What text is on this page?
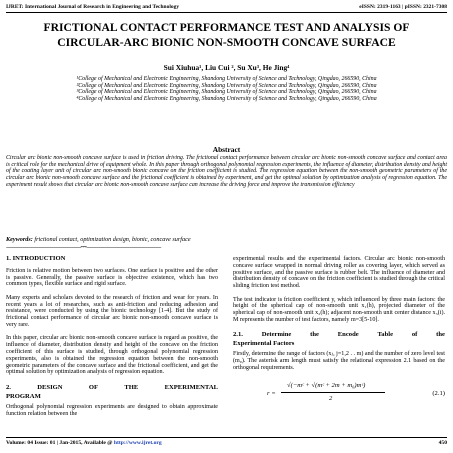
IJRET: International Journal of Research in Engineering and Technology	eISSN: 2319-1163 | pISSN: 2321-7308
FRICTIONAL CONTACT PERFORMANCE TEST AND ANALYSIS OF CIRCULAR-ARC BIONIC NON-SMOOTH CONCAVE SURFACE
Sui Xiuhua¹, Liu Cui ², Su Xu³, He Jing⁴

¹College of Mechanical and Electronic Engineering, Shandong University of Science and Technology, Qingdao, 266590, China

²College of Mechanical and Electronic Engineering, Shandong University of Science and Technology, Qingdao, 266590, China

³College of Mechanical and Electronic Engineering, Shandong University of Science and Technology, Qingdao, 266590, China

⁴College of Mechanical and Electronic Engineering, Shandong University of Science and Technology, Qingdao, 266590, China

Abstract
Circular arc bionic non-smooth concave surface is used in friction driving. The frictional contact performance between circular arc bionic non-smooth concave surface and contact area is critical role for the mechanical drive of equipment whole. In this paper through orthogonal polynomial regression experiments, the influence of diameter, distribution density and height of the coating layer unit of circular arc non-smooth bionic concave on the friction coefficient is studied. The regression equation between the non-smooth geometric parameters of the circular arc bionic non-smooth concave surface and the frictional coefficient is obtained by experiment, and get the optimal solution by optimization analysis of regression equation. The experiment result shows that circular arc bionic non-smooth concave surface can increase the driving force and improve the transmission efficiency
Keywords: frictional contact, optimization design, bionic, concave surface
----------------------------------------------------------------------***----------------------------------------------------------------------
1. INTRODUCTION

Friction is relative motion between two surfaces. One surface is positive and the other is passive. Generally, the passive surface is objective existence, which has two common types, flexible surface and rigid surface.

Many experts and scholars devoted to the research of friction and wear for years. In recent years a lot of researches, such as anti-friction and reducing adhesion and resistance, were conducted by using the bionic technology [1-4]. But the study of frictional contact performance of circular arc bionic non-smooth concave surface is very rare.

In this paper, circular arc bionic non-smooth concave surface is regard as positive, the influence of diameter, distribution density and height of the concave on the friction coefficient of this surface is studied, through orthogonal polynomial regression experiments, also is obtained the regression equation between the non-smooth geometric parameters of the concave surface and the frictional coefficient, and get the optimal solution by optimization analysis of regression equation.

2.	DESIGN	OF	THE	EXPERIMENTAL
PROGRAM

Orthogonal polynomial regression experiments are designed to obtain approximate function relation between the

experimental results and the experimental factors. Circular arc bionic non-smooth concave surface wrapped in normal driving roller as covering layer, which served as positive surface, and the passive surface is rubber belt. The influence of diameter and distribution density of concave on the friction coefficient is studied through the critical sliding friction test method.

The test indicator is friction coefficient y, which influenced by three main factors: the height of the spherical cap of non-smooth unit x₁(h), projected diameter of the spherical cap of non-smooth unit x₂(h); adjacent non-smooth unit center distance x₃(i). M represents the number of test factors, namely m=3[5-10].

2.1.	Determine	the	Encode	Table	of	the
Experimental Factors

Firstly, determine the range of factors (xⱼ, j=1,2 . . m) and the number of zero level test (m₀). The asterisk arm length must satisfy the relational expression 2.1 based on the orthogonal requirements.

r =
√(−mᶜ + √(mᶜ + 2m + m₀)mᶜ)
2
(2.1)
Volume: 04 Issue: 01 | Jan-2015, Available @ http://www.ijret.org	450
